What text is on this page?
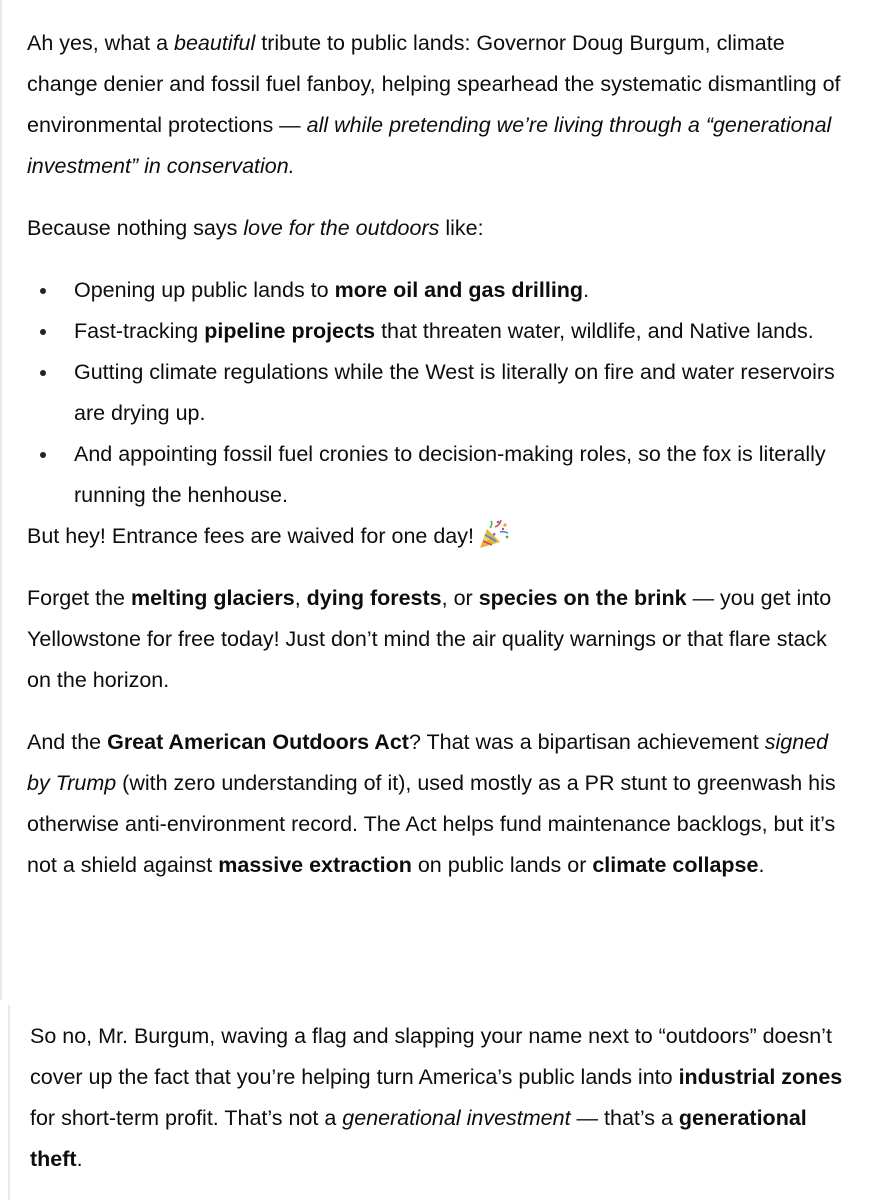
Ah yes, what a beautiful tribute to public lands: Governor Doug Burgum, climate change denier and fossil fuel fanboy, helping spearhead the systematic dismantling of environmental protections — all while pretending we’re living through a “generational investment” in conservation.

Because nothing says love for the outdoors like:

Opening up public lands to more oil and gas drilling.
Fast-tracking pipeline projects that threaten water, wildlife, and Native lands.
Gutting climate regulations while the West is literally on fire and water reservoirs are drying up.
And appointing fossil fuel cronies to decision-making roles, so the fox is literally running the henhouse.

But hey! Entrance fees are waived for one day!

Forget the melting glaciers, dying forests, or species on the brink — you get into Yellowstone for free today! Just don’t mind the air quality warnings or that flare stack on the horizon.

And the Great American Outdoors Act? That was a bipartisan achievement signed by Trump (with zero understanding of it), used mostly as a PR stunt to greenwash his otherwise anti-environment record. The Act helps fund maintenance backlogs, but it’s not a shield against massive extraction on public lands or climate collapse.

So no, Mr. Burgum, waving a flag and slapping your name next to “outdoors” doesn’t cover up the fact that you’re helping turn America’s public lands into industrial zones for short-term profit. That’s not a generational investment — that’s a generational theft.
